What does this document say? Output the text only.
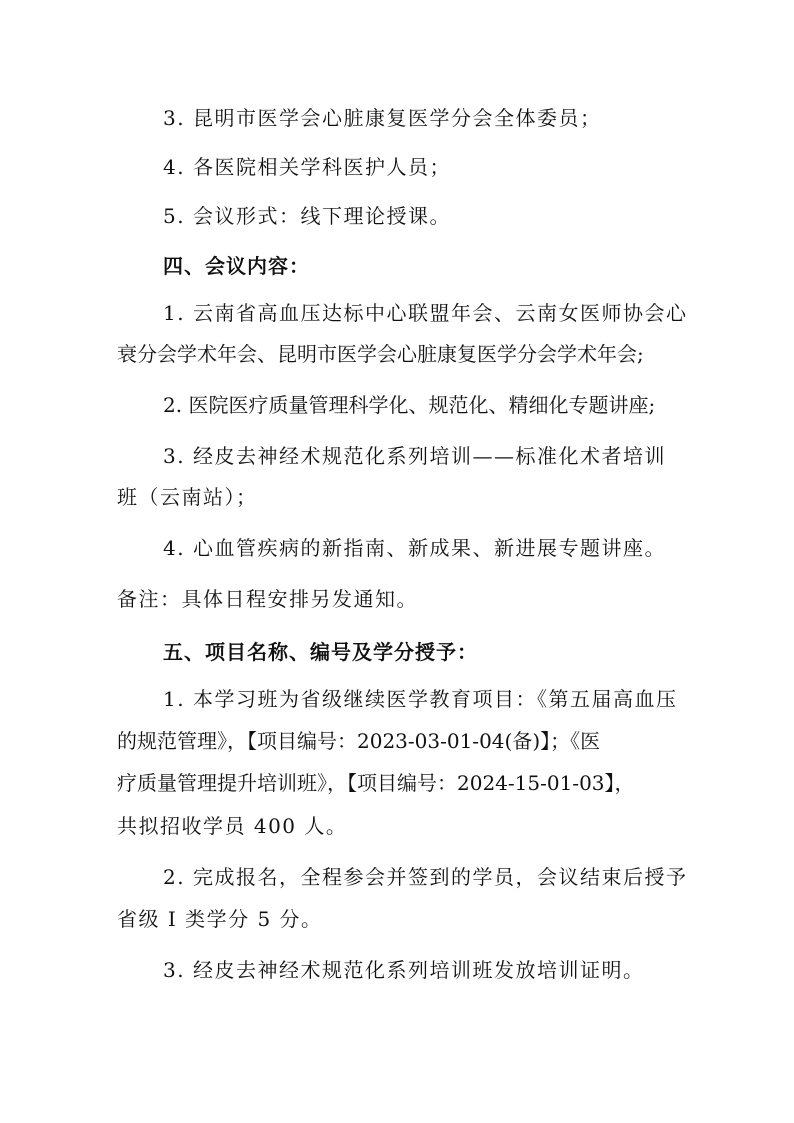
3. 昆明市医学会心脏康复医学分会全体委员；
4. 各医院相关学科医护人员；
5. 会议形式：线下理论授课。
四、会议内容：
1. 云南省高血压达标中心联盟年会、云南女医师协会心
衰分会学术年会、昆明市医学会心脏康复医学分会学术年会;
2. 医院医疗质量管理科学化、规范化、精细化专题讲座;
3. 经皮去神经术规范化系列培训——标准化术者培训
班（云南站）；
4. 心血管疾病的新指南、新成果、新进展专题讲座。
备注：具体日程安排另发通知。
五、项目名称、编号及学分授予：
1. 本学习班为省级继续医学教育项目：《第五届高血压
的规范管理》，【项目编号：2023-03-01-04(备)】；《医
疗质量管理提升培训班》，【项目编号：2024-15-01-03】，
共拟招收学员 400 人。
2. 完成报名，全程参会并签到的学员，会议结束后授予
省级 I 类学分 5 分。
3. 经皮去神经术规范化系列培训班发放培训证明。
